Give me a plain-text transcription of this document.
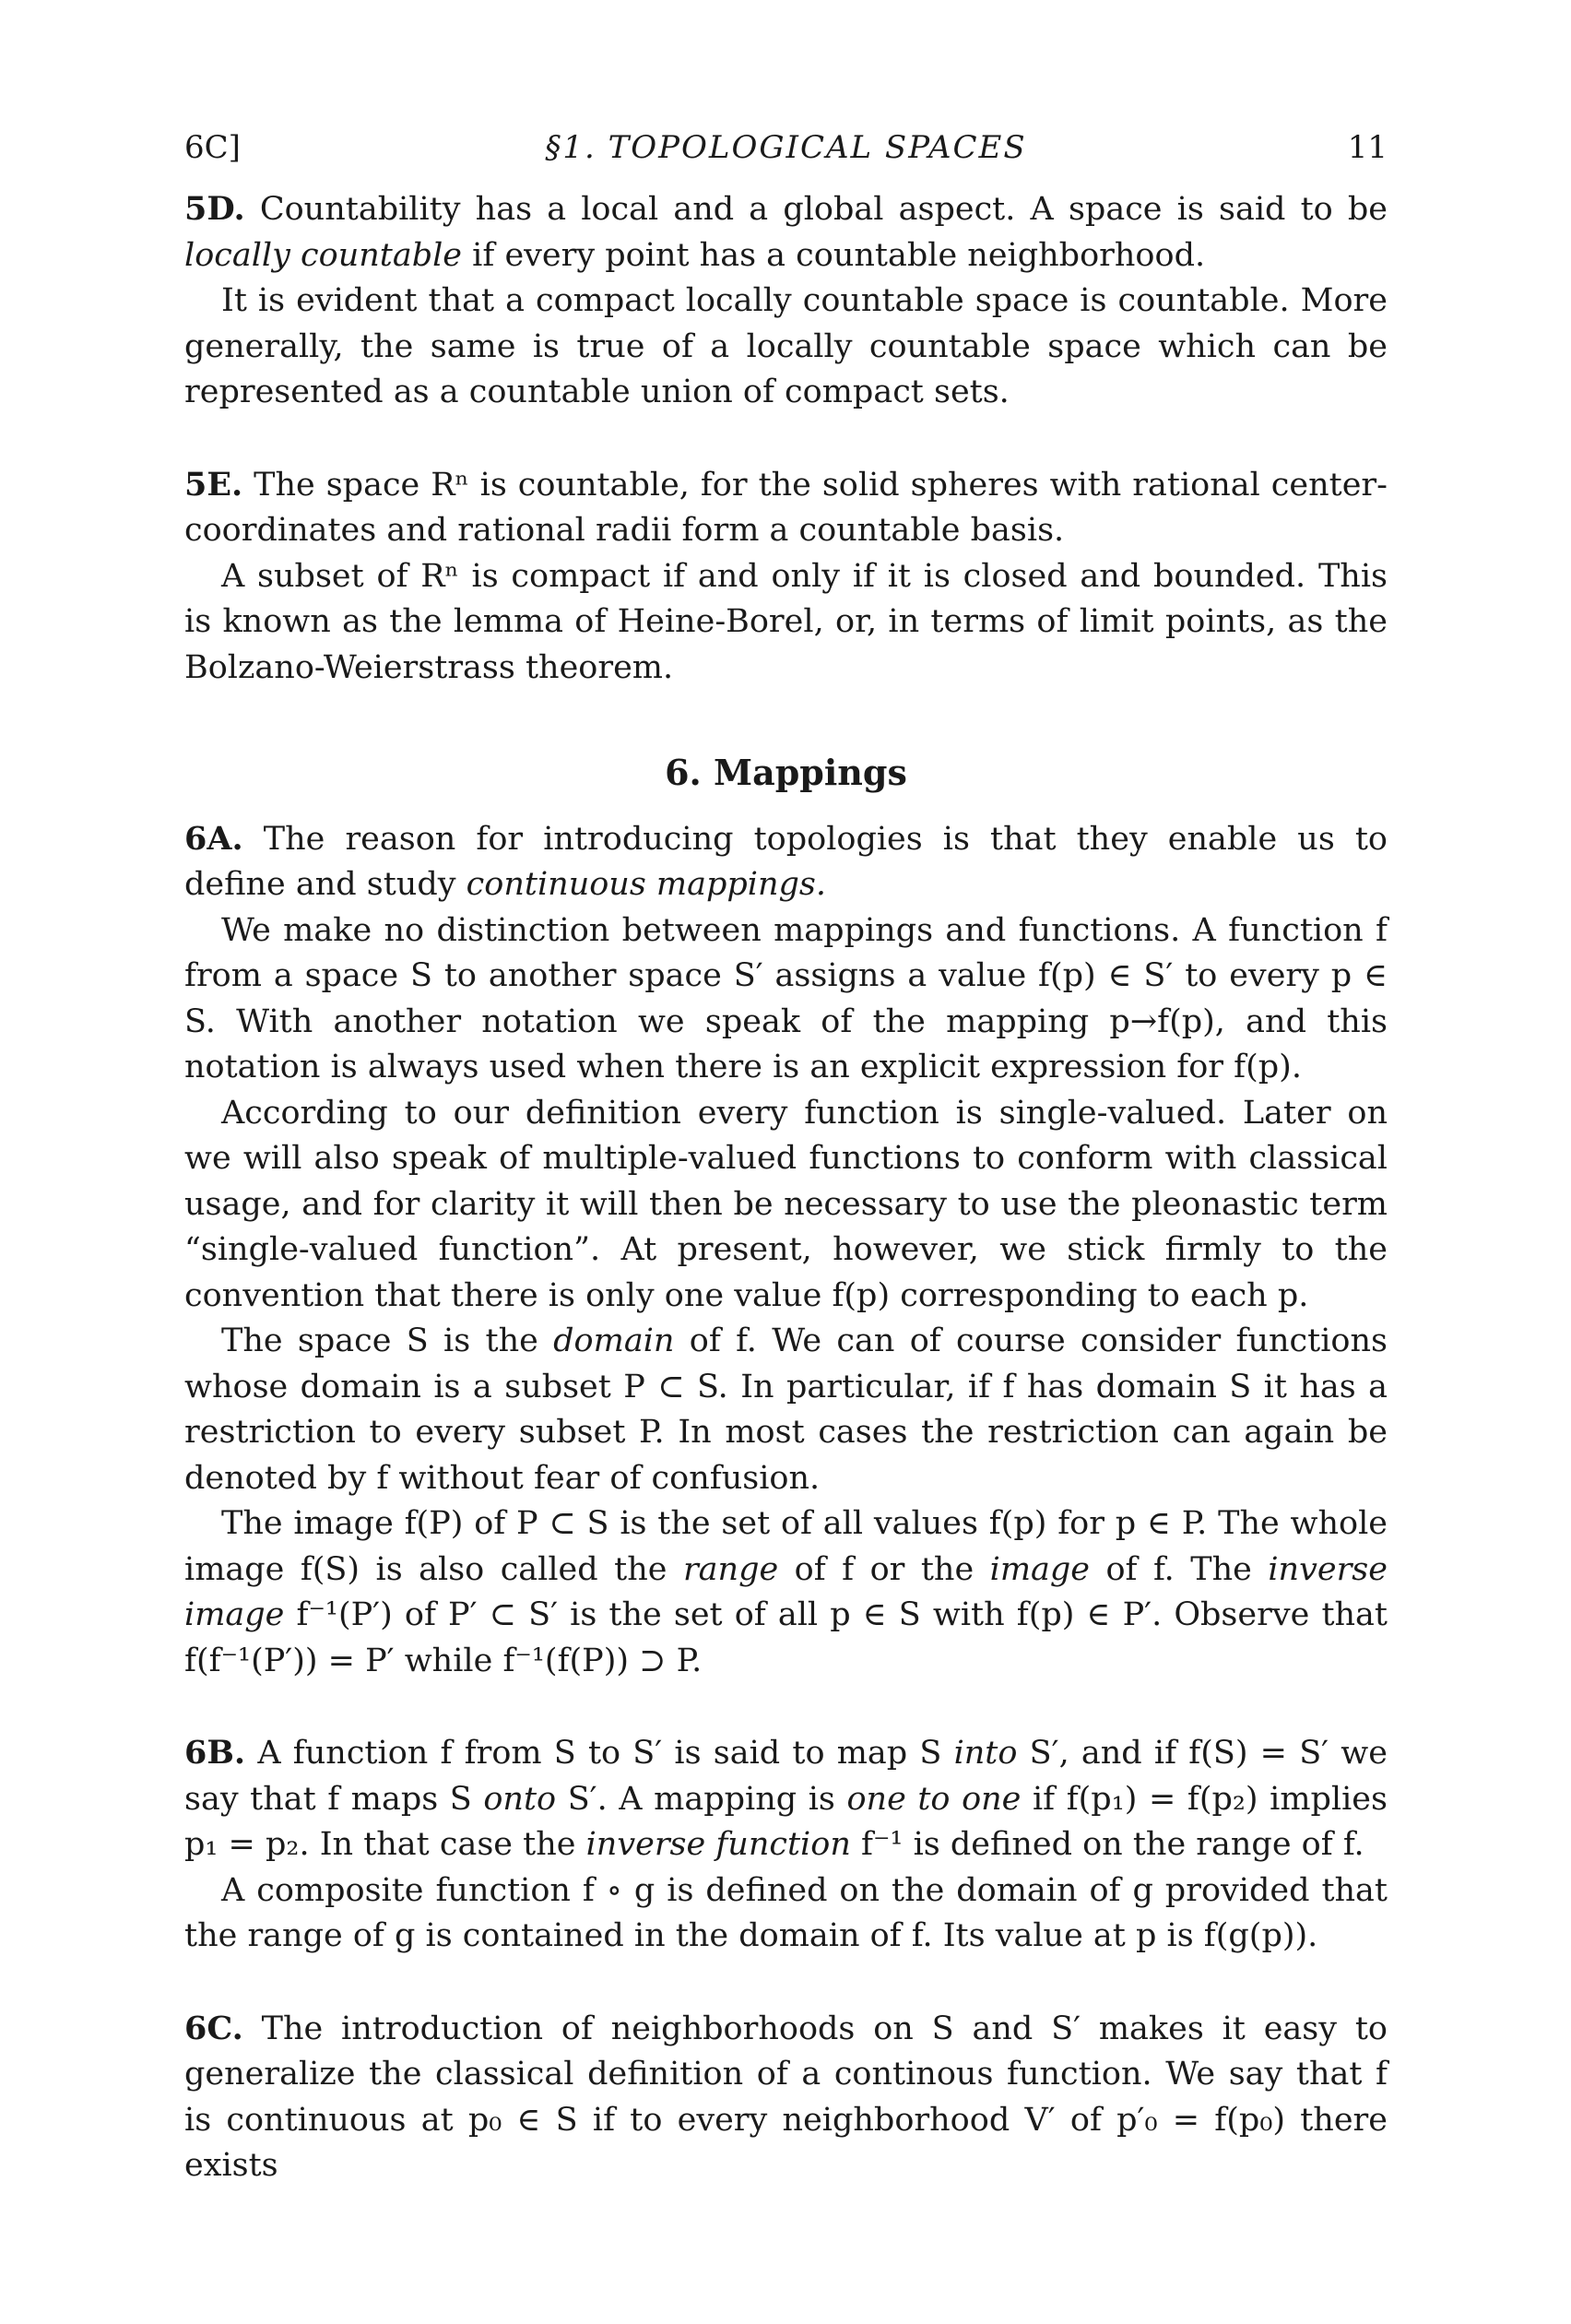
6C]	§1. TOPOLOGICAL SPACES	11

5D. Countability has a local and a global aspect. A space is said to be locally countable if every point has a countable neighborhood.

It is evident that a compact locally countable space is countable. More generally, the same is true of a locally countable space which can be represented as a countable union of compact sets.

5E. The space Rⁿ is countable, for the solid spheres with rational center-coordinates and rational radii form a countable basis.

A subset of Rⁿ is compact if and only if it is closed and bounded. This is known as the lemma of Heine-Borel, or, in terms of limit points, as the Bolzano-Weierstrass theorem.

6. Mappings

6A. The reason for introducing topologies is that they enable us to define and study continuous mappings.

We make no distinction between mappings and functions. A function f from a space S to another space S′ assigns a value f(p) ∈ S′ to every p ∈ S. With another notation we speak of the mapping p→f(p), and this notation is always used when there is an explicit expression for f(p).

According to our definition every function is single-valued. Later on we will also speak of multiple-valued functions to conform with classical usage, and for clarity it will then be necessary to use the pleonastic term “single-valued function”. At present, however, we stick firmly to the convention that there is only one value f(p) corresponding to each p.

The space S is the domain of f. We can of course consider functions whose domain is a subset P ⊂ S. In particular, if f has domain S it has a restriction to every subset P. In most cases the restriction can again be denoted by f without fear of confusion.

The image f(P) of P ⊂ S is the set of all values f(p) for p ∈ P. The whole image f(S) is also called the range of f or the image of f. The inverse image f⁻¹(P′) of P′ ⊂ S′ is the set of all p ∈ S with f(p) ∈ P′. Observe that f(f⁻¹(P′)) = P′ while f⁻¹(f(P)) ⊃ P.

6B. A function f from S to S′ is said to map S into S′, and if f(S) = S′ we say that f maps S onto S′. A mapping is one to one if f(p₁) = f(p₂) implies p₁ = p₂. In that case the inverse function f⁻¹ is defined on the range of f.

A composite function f ∘ g is defined on the domain of g provided that the range of g is contained in the domain of f. Its value at p is f(g(p)).

6C. The introduction of neighborhoods on S and S′ makes it easy to generalize the classical definition of a continous function. We say that f is continuous at p₀ ∈ S if to every neighborhood V′ of p′₀ = f(p₀) there exists
